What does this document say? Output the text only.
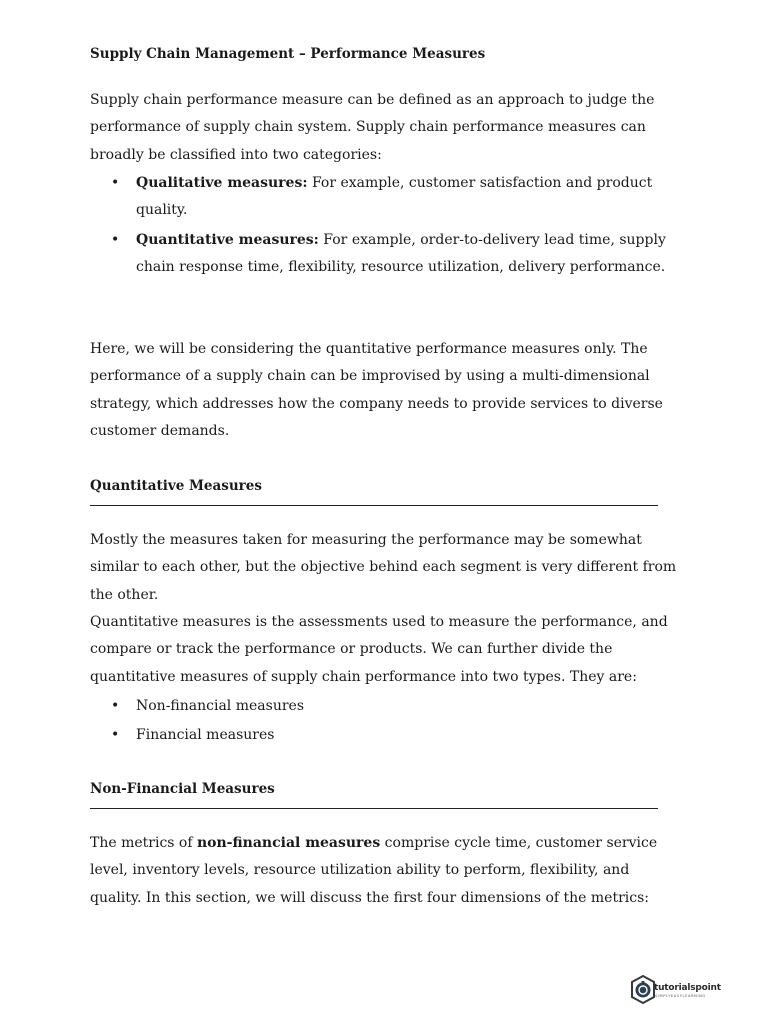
Supply Chain Management – Performance Measures
Supply chain performance measure can be defined as an approach to judge the performance of supply chain system. Supply chain performance measures can broadly be classified into two categories:
• Qualitative measures: For example, customer satisfaction and product quality.
• Quantitative measures: For example, order-to-delivery lead time, supply chain response time, flexibility, resource utilization, delivery performance.
Here, we will be considering the quantitative performance measures only. The performance of a supply chain can be improvised by using a multi-dimensional strategy, which addresses how the company needs to provide services to diverse customer demands.
Quantitative Measures
Mostly the measures taken for measuring the performance may be somewhat similar to each other, but the objective behind each segment is very different from the other.
Quantitative measures is the assessments used to measure the performance, and compare or track the performance or products. We can further divide the quantitative measures of supply chain performance into two types. They are:
• Non-financial measures
• Financial measures
Non-Financial Measures
The metrics of non-financial measures comprise cycle time, customer service level, inventory levels, resource utilization ability to perform, flexibility, and quality. In this section, we will discuss the first four dimensions of the metrics:
tutorialspoint
SIMPLYEASYLEARNING
